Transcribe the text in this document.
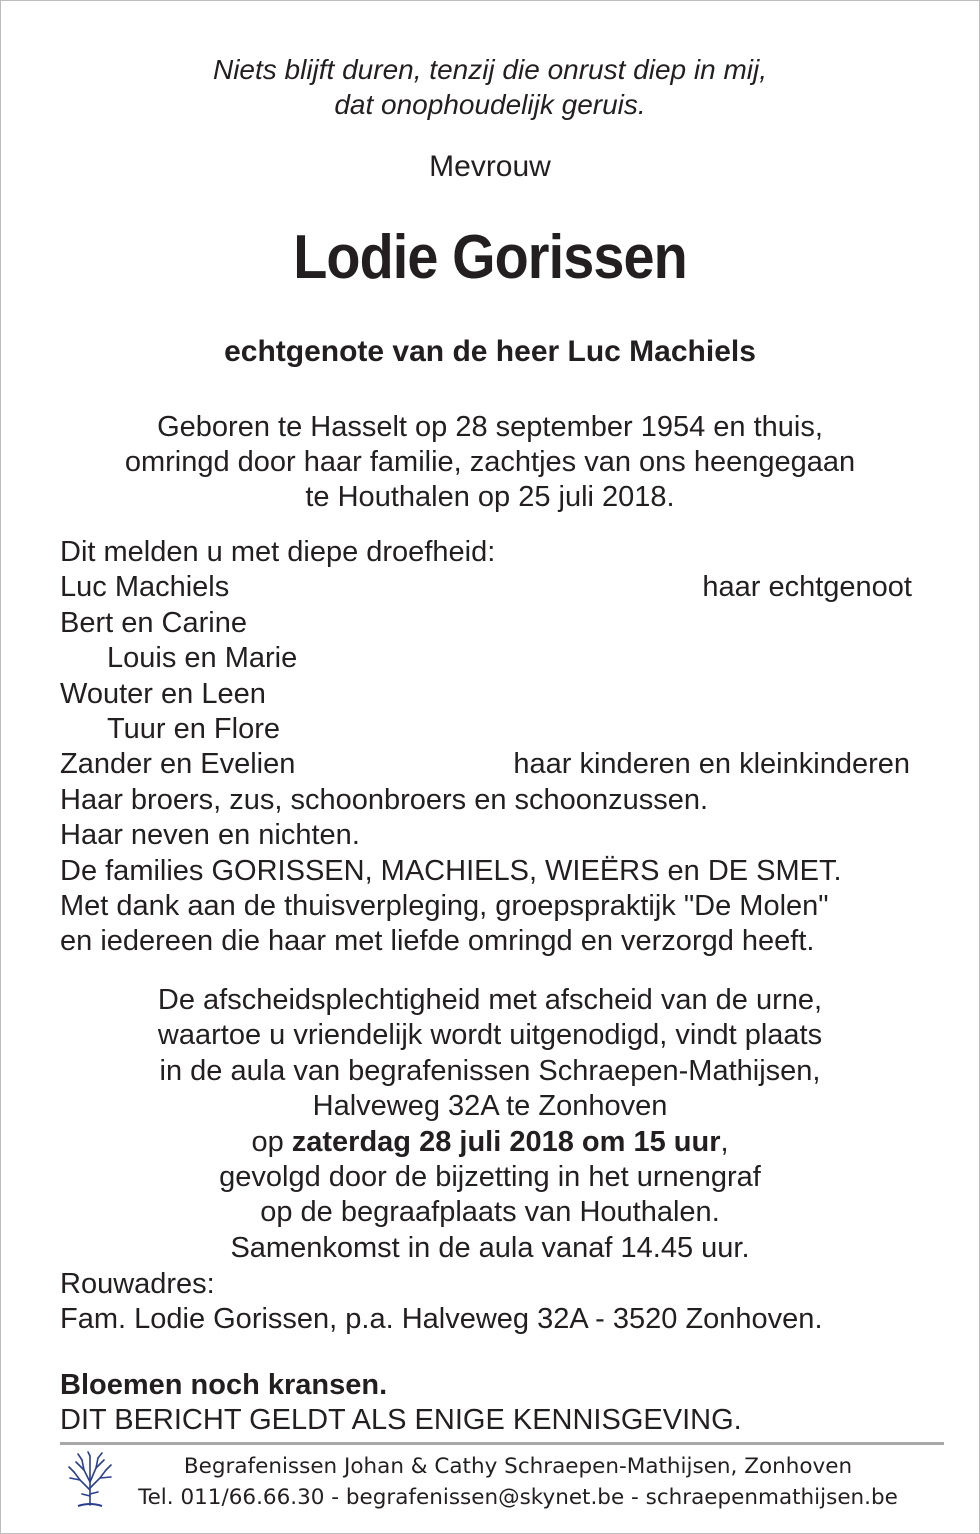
Niets blijft duren, tenzij die onrust diep in mij,
dat onophoudelijk geruis.
Mevrouw
Lodie Gorissen
echtgenote van de heer Luc Machiels
Geboren te Hasselt op 28 september 1954 en thuis,
omringd door haar familie, zachtjes van ons heengegaan
te Houthalen op 25 juli 2018.
Dit melden u met diepe droefheid:
Luc Machiels
Bert en Carine
Louis en Marie
Wouter en Leen
Tuur en Flore
Zander en Evelien
Haar broers, zus, schoonbroers en schoonzussen.
Haar neven en nichten.
De families GORISSEN, MACHIELS, WIEËRS en DE SMET.
Met dank aan de thuisverpleging, groepspraktijk "De Molen"
en iedereen die haar met liefde omringd en verzorgd heeft.
haar echtgenoot
haar kinderen en kleinkinderen
De afscheidsplechtigheid met afscheid van de urne,
waartoe u vriendelijk wordt uitgenodigd, vindt plaats
in de aula van begrafenissen Schraepen-Mathijsen,
Halveweg 32A te Zonhoven
op zaterdag 28 juli 2018 om 15 uur,
gevolgd door de bijzetting in het urnengraf
op de begraafplaats van Houthalen.
Samenkomst in de aula vanaf 14.45 uur.
Rouwadres:
Fam. Lodie Gorissen, p.a. Halveweg 32A - 3520 Zonhoven.
Bloemen noch kransen.
DIT BERICHT GELDT ALS ENIGE KENNISGEVING.
Begrafenissen Johan & Cathy Schraepen-Mathijsen, Zonhoven
Tel. 011/66.66.30 - begrafenissen@skynet.be - schraepenmathijsen.be
